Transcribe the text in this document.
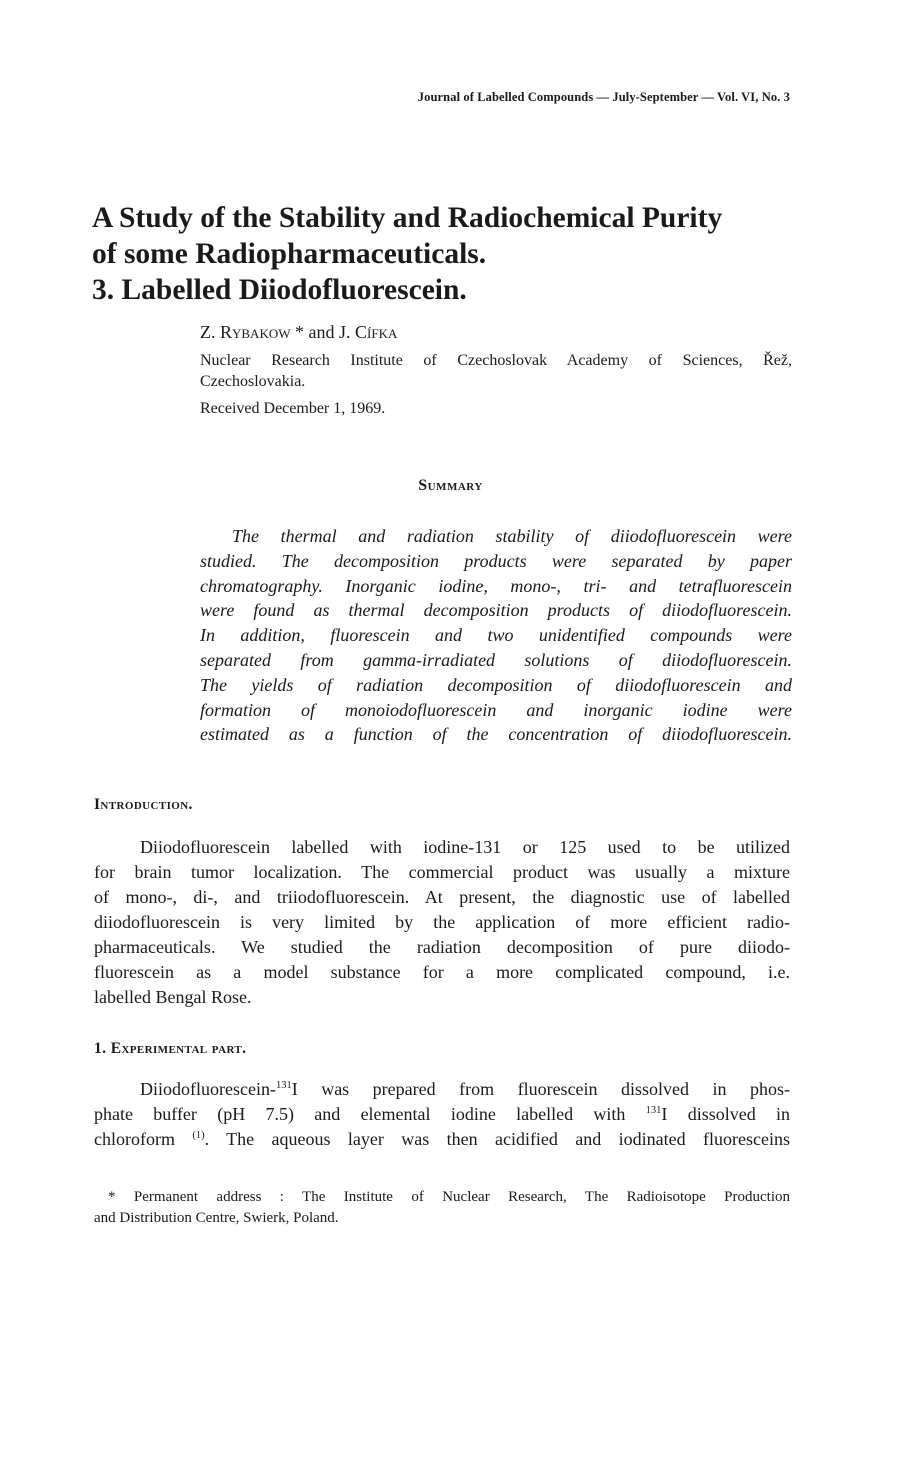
Journal of Labelled Compounds — July-September — Vol. VI, No. 3
A Study of the Stability and Radiochemical Purity
of some Radiopharmaceuticals.
3. Labelled Diiodofluorescein.

Z. Rybakow * and J. Cífka

Nuclear Research Institute of Czechoslovak Academy of Sciences, Řež,
Czechoslovakia.

Received December 1, 1969.

Summary

The thermal and radiation stability of diiodofluorescein were
studied. The decomposition products were separated by paper
chromatography. Inorganic iodine, mono-, tri- and tetrafluorescein
were found as thermal decomposition products of diiodofluorescein.
In addition, fluorescein and two unidentified compounds were
separated from gamma-irradiated solutions of diiodofluorescein.
The yields of radiation decomposition of diiodofluorescein and
formation of monoiodofluorescein and inorganic iodine were
estimated as a function of the concentration of diiodofluorescein.

Introduction.

Diiodofluorescein labelled with iodine-131 or 125 used to be utilized
for brain tumor localization. The commercial product was usually a mixture
of mono-, di-, and triiodofluorescein. At present, the diagnostic use of labelled
diiodofluorescein is very limited by the application of more efficient radio-
pharmaceuticals. We studied the radiation decomposition of pure diiodo-
fluorescein as a model substance for a more complicated compound, i.e.
labelled Bengal Rose.

1. Experimental part.

Diiodofluorescein-$^{131}$I was prepared from fluorescein dissolved in phos-
phate buffer (pH 7.5) and elemental iodine labelled with $^{131}$I dissolved in
chloroform $^{(1)}$. The aqueous layer was then acidified and iodinated fluoresceins

* Permanent address : The Institute of Nuclear Research, The Radioisotope Production
and Distribution Centre, Swierk, Poland.
